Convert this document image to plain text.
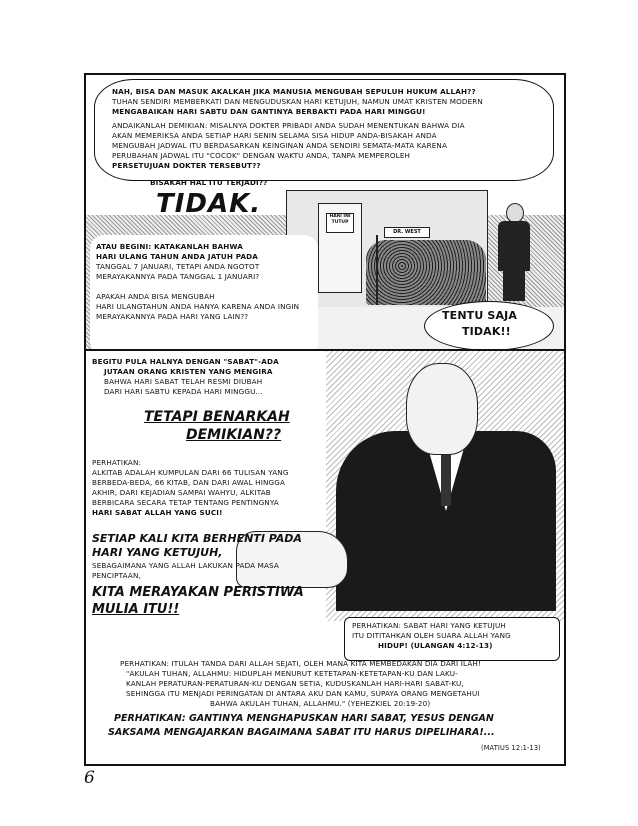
HARI INI
TUTUP
DR. WEST
NAH, BISA DAN MASUK AKALKAH JIKA MANUSIA MENGUBAH SEPULUH HUKUM ALLAH??
TUHAN SENDIRI MEMBERKATI DAN MENGUDUSKAN HARI KETUJUH, NAMUN UMAT KRISTEN MODERN
MENGABAIKAN HARI SABTU DAN GANTINYA BERBAKTI PADA HARI MINGGU!
ANDAIKANLAH DEMIKIAN: MISALNYA DOKTER PRIBADI ANDA SUDAH MENENTUKAN BAHWA DIA
AKAN MEMERIKSA ANDA SETIAP HARI SENIN SELAMA SISA HIDUP ANDA-BISAKAH ANDA
MENGUBAH JADWAL ITU BERDASARKAN KEINGINAN ANDA SENDIRI SEMATA-MATA KARENA
PERUBAHAN JADWAL ITU "COCOK" DENGAN WAKTU ANDA, TANPA MEMPEROLEH
PERSETUJUAN DOKTER TERSEBUT??
BISAKAH HAL ITU TERJADI??
TIDAK.
ATAU BEGINI: KATAKANLAH BAHWA
HARI ULANG TAHUN ANDA JATUH PADA
TANGGAL 7 JANUARI, TETAPI ANDA NGOTOT
MERAYAKANNYA PADA TANGGAL 1 JANUARI?
APAKAH ANDA BISA MENGUBAH
HARI ULANGTAHUN ANDA HANYA KARENA ANDA INGIN
MERAYAKANNYA PADA HARI YANG LAIN??	TENTU SAJA
TIDAK!!
BEGITU PULA HALNYA DENGAN "SABAT"-ADA
JUTAAN ORANG KRISTEN YANG MENGIRA
BAHWA HARI SABAT TELAH RESMI DIUBAH
DARI HARI SABTU KEPADA HARI MINGGU...
TETAPI BENARKAH
DEMIKIAN??
PERHATIKAN:
ALKITAB ADALAH KUMPULAN DARI 66 TULISAN YANG
BERBEDA-BEDA, 66 KITAB, DAN DARI AWAL HINGGA
AKHIR, DARI KEJADIAN SAMPAI WAHYU, ALKITAB
BERBICARA SECARA TETAP TENTANG PENTINGNYA
HARI SABAT ALLAH YANG SUCI!
SETIAP KALI KITA BERHENTI PADA
HARI YANG KETUJUH,
SEBAGAIMANA YANG ALLAH LAKUKAN PADA MASA
PENCIPTAAN,
KITA MERAYAKAN PERISTIWA
MULIA ITU!!
PERHATIKAN: SABAT HARI YANG KETUJUH
ITU DITITAHKAN OLEH SUARA ALLAH YANG
HIDUP! (ULANGAN 4:12-13)
PERHATIKAN: ITULAH TANDA DARI ALLAH SEJATI, OLEH MANA KITA MEMBEDAKAN DIA DARI ILAH!
"AKULAH TUHAN, ALLAHMU: HIDUPLAH MENURUT KETETAPAN-KETETAPAN-KU DAN LAKU-
KANLAH PERATURAN-PERATURAN-KU DENGAN SETIA, KUDUSKANLAH HARI-HARI SABAT-KU,
SEHINGGA ITU MENJADI PERINGATAN DI ANTARA AKU DAN KAMU, SUPAYA ORANG MENGETAHUI
BAHWA AKULAH TUHAN, ALLAHMU." (YEHEZKIEL 20:19-20)
PERHATIKAN: GANTINYA MENGHAPUSKAN HARI SABAT, YESUS DENGAN
SAKSAMA MENGAJARKAN BAGAIMANA SABAT ITU HARUS DIPELIHARA!...
(MATIUS 12:1-13)
6
